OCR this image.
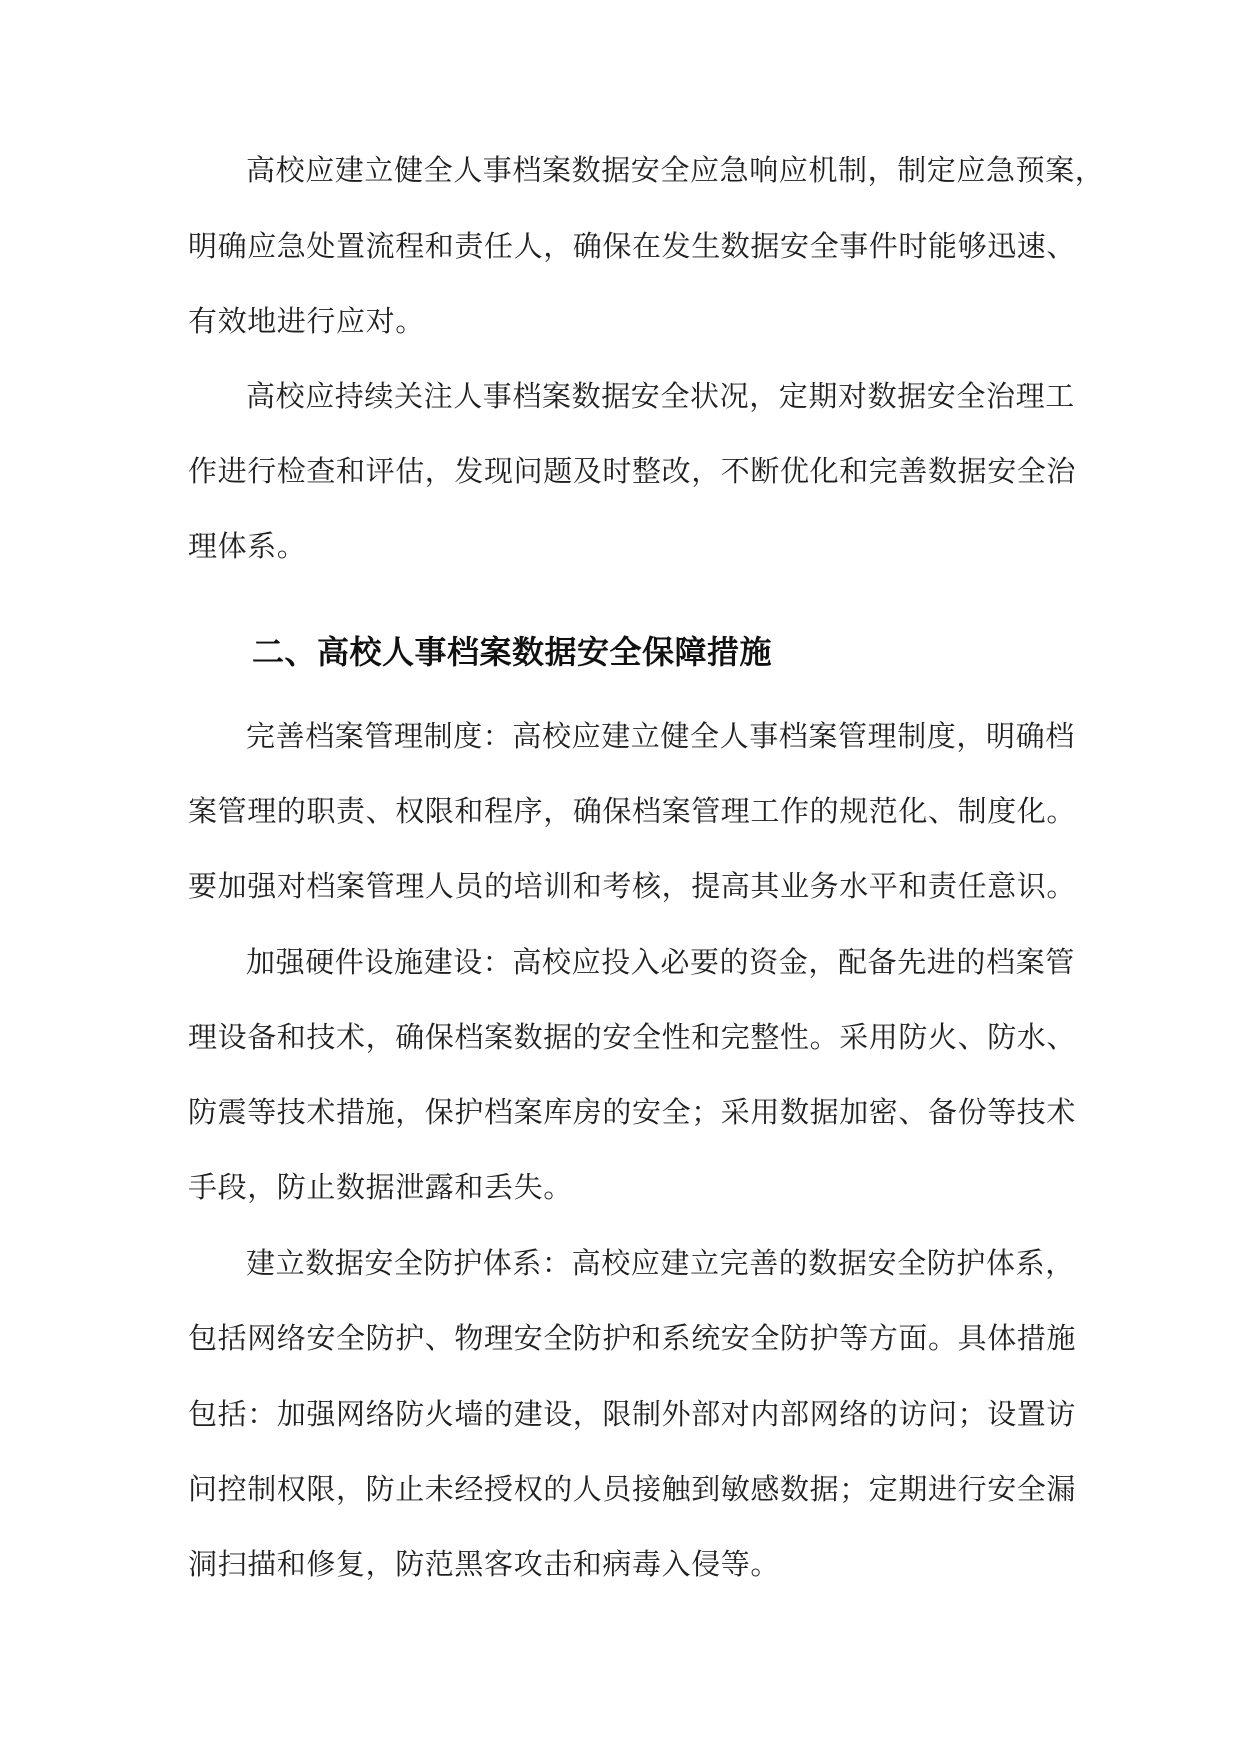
高校应建立健全人事档案数据安全应急响应机制，制定应急预案，
明确应急处置流程和责任人，确保在发生数据安全事件时能够迅速、
有效地进行应对。
高校应持续关注人事档案数据安全状况，定期对数据安全治理工
作进行检查和评估，发现问题及时整改，不断优化和完善数据安全治
理体系。
二、高校人事档案数据安全保障措施
完善档案管理制度：高校应建立健全人事档案管理制度，明确档
案管理的职责、权限和程序，确保档案管理工作的规范化、制度化。
要加强对档案管理人员的培训和考核，提高其业务水平和责任意识。
加强硬件设施建设：高校应投入必要的资金，配备先进的档案管
理设备和技术，确保档案数据的安全性和完整性。采用防火、防水、
防震等技术措施，保护档案库房的安全；采用数据加密、备份等技术
手段，防止数据泄露和丢失。
建立数据安全防护体系：高校应建立完善的数据安全防护体系，
包括网络安全防护、物理安全防护和系统安全防护等方面。具体措施
包括：加强网络防火墙的建设，限制外部对内部网络的访问；设置访
问控制权限，防止未经授权的人员接触到敏感数据；定期进行安全漏
洞扫描和修复，防范黑客攻击和病毒入侵等。
